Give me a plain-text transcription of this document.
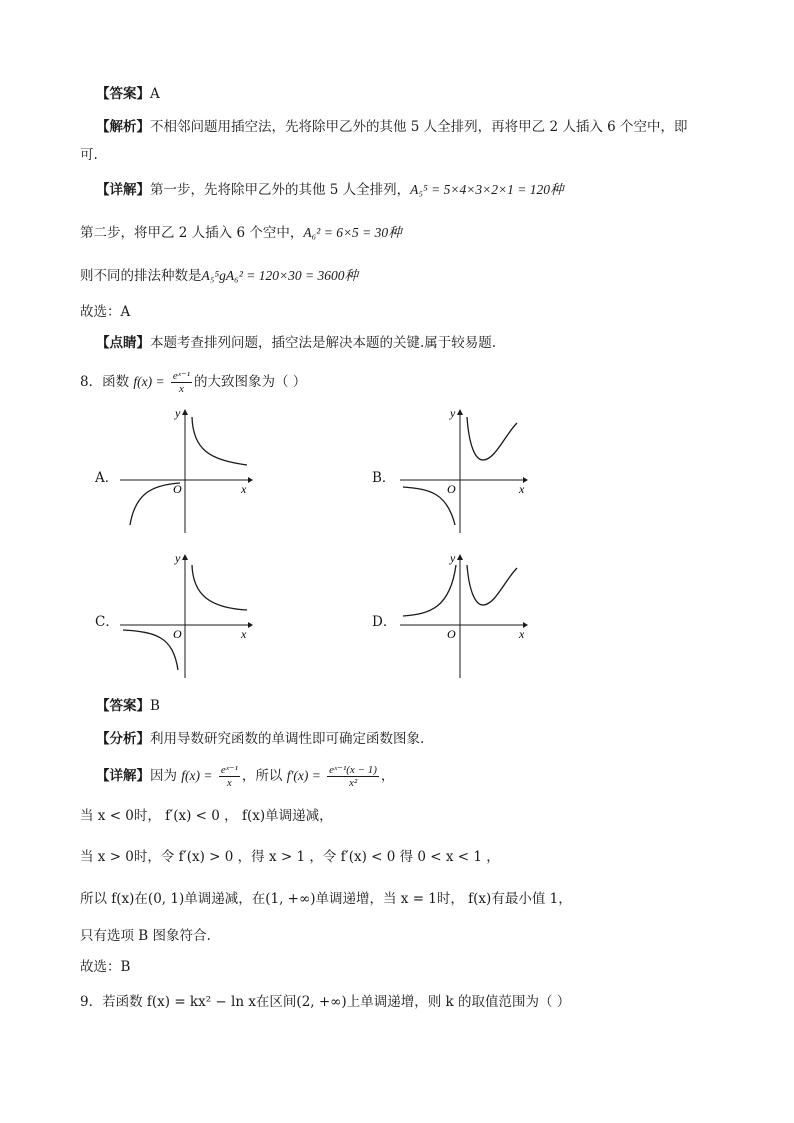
【答案】A
【解析】不相邻问题用插空法，先将除甲乙外的其他 5 人全排列，再将甲乙 2 人插入 6 个空中，即
可.
【详解】第一步，先将除甲乙外的其他 5 人全排列，A₅⁵ = 5×4×3×2×1 = 120种
第二步，将甲乙 2 人插入 6 个空中，A₆² = 6×5 = 30种
则不同的排法种数是A₅⁵gA₆² = 120×30 = 3600种
故选：A
【点睛】本题考查排列问题，插空法是解决本题的关键.属于较易题.
8．函数 $f(x) = \frac{\text{eˣ⁻¹}}{x}$ 的大致图象为（ ）
A．
x
y
O
B．
x
y
O
C．
x
y
O
D．
x
y
O
【答案】B
【分析】利用导数研究函数的单调性即可确定函数图象.
【详解】因为 $f(x) = \frac{\text{eˣ⁻¹}}{x}$ ，所以 $f'(x) = \frac{\text{eˣ⁻¹(x − 1)}}{\text{x²}}$ ，
当 x < 0时， f′(x) < 0 ， f(x)单调递减，
当 x > 0时，令 f′(x) > 0 ，得 x > 1 ，令 f′(x) < 0 得 0 < x < 1 ，
所以 f(x)在(0, 1)单调递减，在(1, +∞)单调递增，当 x = 1时， f(x)有最小值 1，
只有选项 B 图象符合.
故选：B
9．若函数 f(x) = kx² − ln x在区间(2, +∞)上单调递增，则 k 的取值范围为（ ）
